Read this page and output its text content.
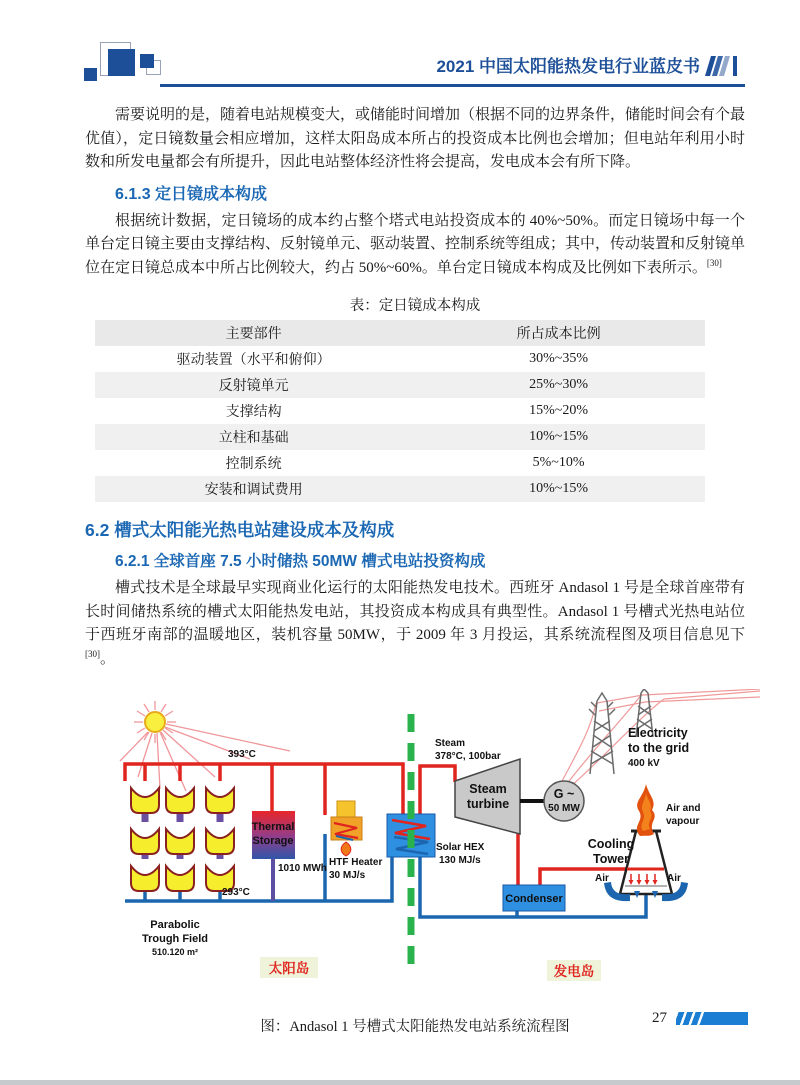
2021 中国太阳能热发电行业蓝皮书

需要说明的是，随着电站规模变大，或储能时间增加（根据不同的边界条件，储能时间会有个最优值），定日镜数量会相应增加，这样太阳岛成本所占的投资成本比例也会增加；但电站年利用小时数和所发电量都会有所提升，因此电站整体经济性将会提高，发电成本会有所下降。

6.1.3 定日镜成本构成

根据统计数据，定日镜场的成本约占整个塔式电站投资成本的 40%~50%。而定日镜场中每一个单台定日镜主要由支撑结构、反射镜单元、驱动装置、控制系统等组成；其中，传动装置和反射镜单位在定日镜总成本中所占比例较大，约占 50%~60%。单台定日镜成本构成及比例如下表所示。[30]

表：定日镜成本构成
主要部件	所占成本比例
驱动装置（水平和俯仰）	30%~35%
反射镜单元	25%~30%
支撑结构	15%~20%
立柱和基础	10%~15%
控制系统	5%~10%
安装和调试费用	10%~15%
6.2 槽式太阳能光热电站建设成本及构成
6.2.1 全球首座 7.5 小时储热 50MW 槽式电站投资构成

槽式技术是全球最早实现商业化运行的太阳能热发电技术。西班牙 Andasol 1 号是全球首座带有长时间储热系统的槽式太阳能热发电站，其投资成本构成具有典型性。Andasol 1 号槽式光热电站位于西班牙南部的温暖地区，装机容量 50MW，于 2009 年 3 月投运，其系统流程图及项目信息见下 [30]。

太阳岛	发电岛
393°C
293°C
Parabolic
Trough Field
510.120 m²
Thermal
Storage
1010 MWh
HTF Heater
30 MJ/s
Solar HEX
130 MJ/s
Steam
378°C, 100bar
Steam
turbine
G ~
50 MW
Electricity
to the grid
400 kV
Air and
vapour
Cooling
Tower
Condenser
Air	Air
图：Andasol 1 号槽式太阳能热发电站系统流程图
27
